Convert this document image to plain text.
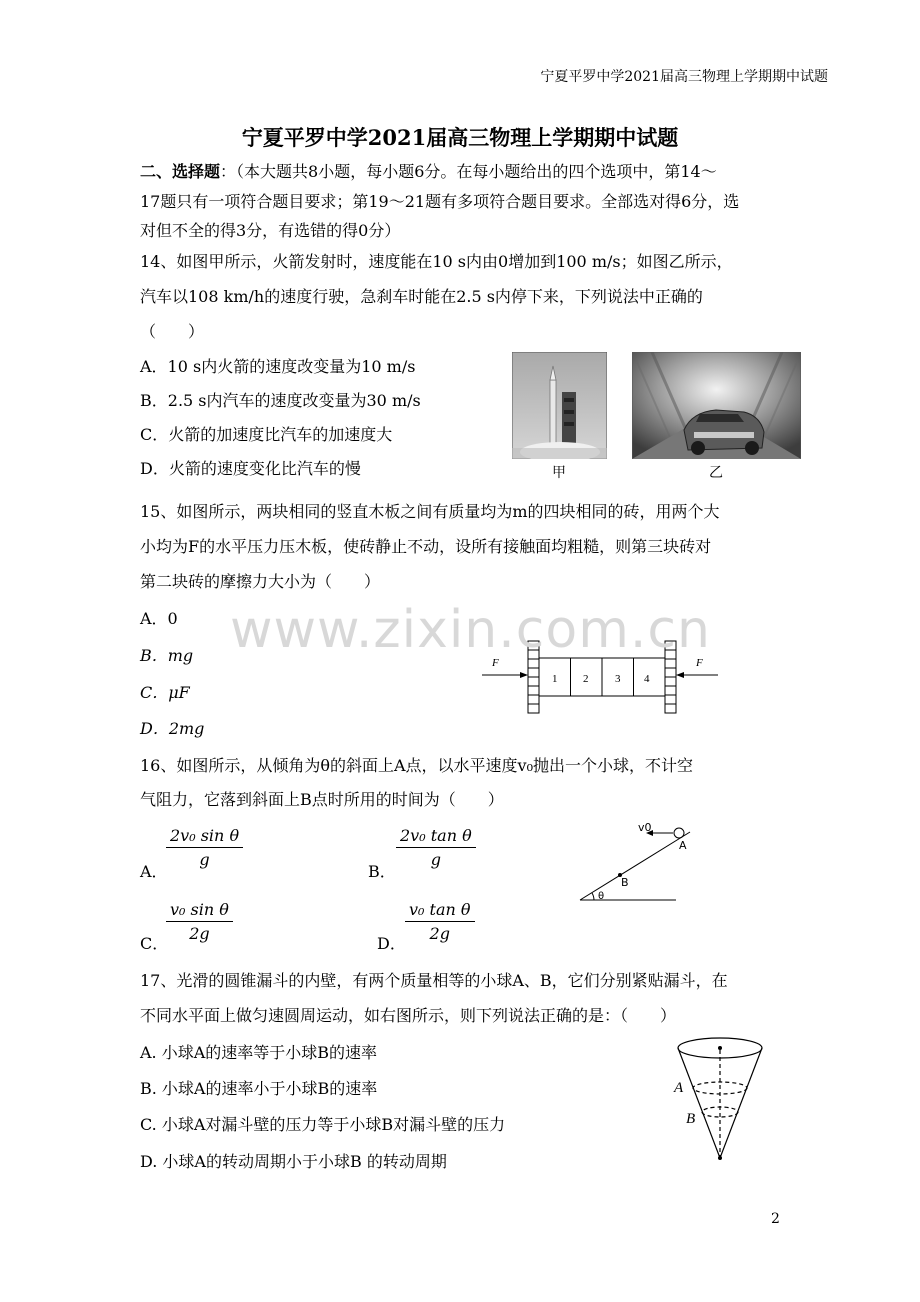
宁夏平罗中学2021届高三物理上学期期中试题
宁夏平罗中学2021届高三物理上学期期中试题
二、选择题：（本大题共8小题，每小题6分。在每小题给出的四个选项中，第14～
17题只有一项符合题目要求；第19～21题有多项符合题目要求。全部选对得6分，选
对但不全的得3分，有选错的得0分）
14、如图甲所示，火箭发射时，速度能在10 s内由0增加到100 m/s；如图乙所示，
汽车以108 km/h的速度行驶，急刹车时能在2.5 s内停下来，下列说法中正确的
（　　）
A．10 s内火箭的速度改变量为10 m/s
B．2.5 s内汽车的速度改变量为30 m/s
C．火箭的加速度比汽车的加速度大
D．火箭的速度变化比汽车的慢	甲	乙
15、如图所示，两块相同的竖直木板之间有质量均为m的四块相同的砖，用两个大
小均为F的水平压力压木板，使砖静止不动，设所有接触面均粗糙，则第三块砖对
第二块砖的摩擦力大小为（　　）
A．0
B．mg
C．μF
D．2mg
F	F
1 2 3 4
16、如图所示，从倾角为θ的斜面上A点，以水平速度v₀抛出一个小球，不计空
气阻力，它落到斜面上B点时所用的时间为（　　）
A．
$\frac{\text{2v₀ sin θ}}{g}$
B．
$\frac{\text{2v₀ tan θ}}{g}$
C．
$\frac{\text{v₀ sin θ}}{2g}$
D．
$\frac{\text{v₀ tan θ}}{2g}$
v0
A
B
θ
17、光滑的圆锥漏斗的内壁，有两个质量相等的小球A、B，它们分别紧贴漏斗，在
不同水平面上做匀速圆周运动，如右图所示，则下列说法正确的是：（　　）
A. 小球A的速率等于小球B的速率
B. 小球A的速率小于小球B的速率
C. 小球A对漏斗壁的压力等于小球B对漏斗壁的压力
D. 小球A的转动周期小于小球B 的转动周期
A
B
www.zixin.com.cn
2
